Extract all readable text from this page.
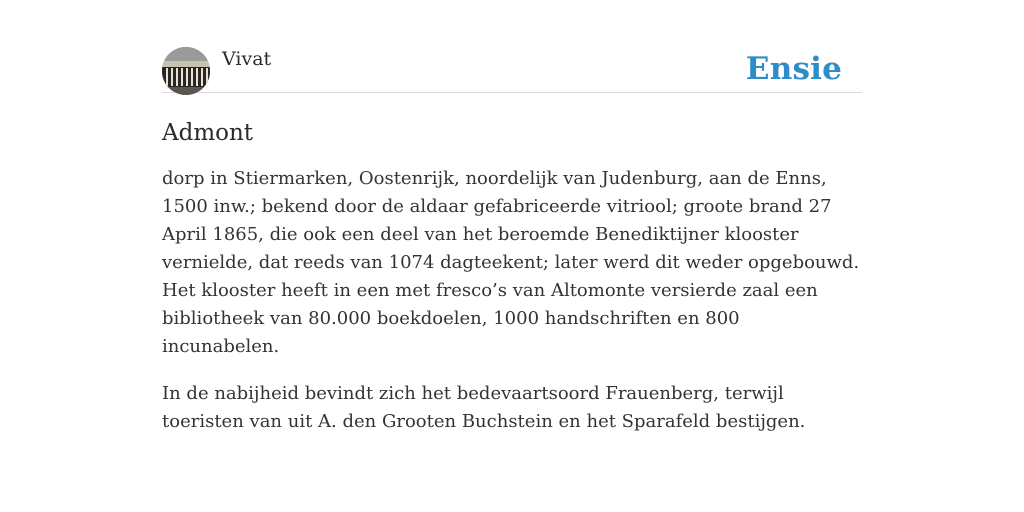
Vivat	Ensie
Admont

dorp in Stiermarken, Oostenrijk, noordelijk van Judenburg, aan de Enns, 1500 inw.; bekend door de aldaar gefabriceerde vitriool; groote brand 27 April 1865, die ook een deel van het beroemde Benediktijner klooster vernielde, dat reeds van 1074 dagteekent; later werd dit weder opgebouwd. Het klooster heeft in een met fresco’s van Altomonte versierde zaal een bibliotheek van 80.000 boekdoelen, 1000 handschriften en 800 incunabelen.

In de nabijheid bevindt zich het bedevaartsoord Frauenberg, terwijl toeristen van uit A. den Grooten Buchstein en het Sparafeld bestijgen.
